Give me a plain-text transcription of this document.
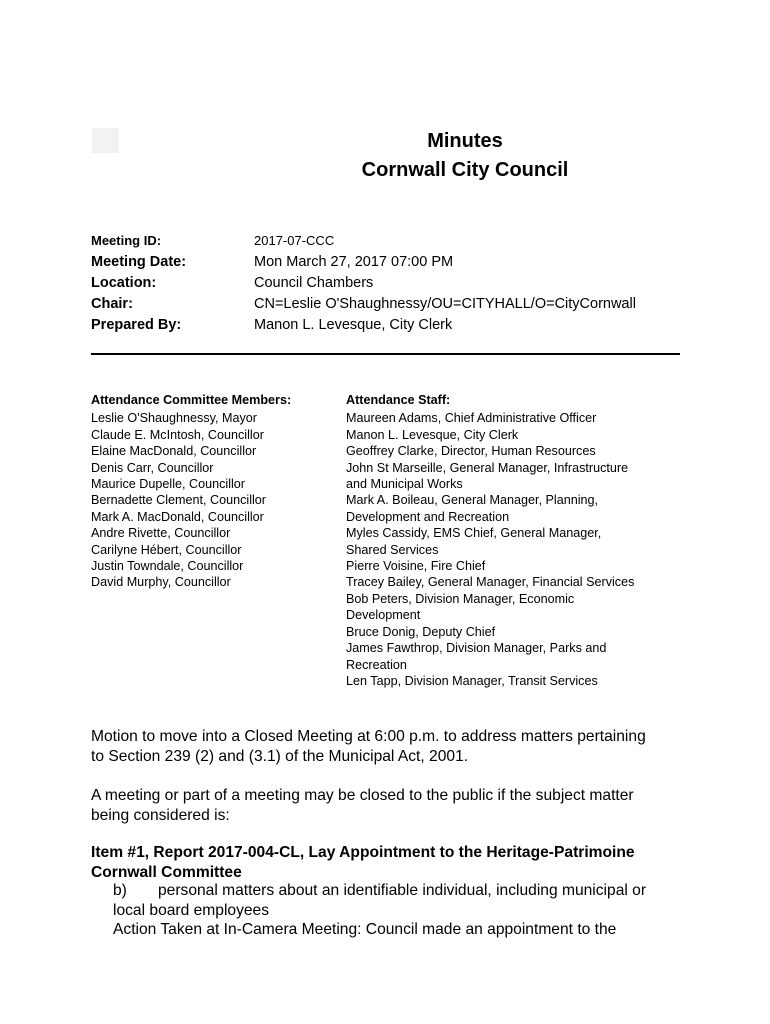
Minutes
Cornwall City Council
Meeting ID:	2017-07-CCC
Meeting Date:	Mon March 27, 2017 07:00 PM
Location:	Council Chambers
Chair:	CN=Leslie O'Shaughnessy/OU=CITYHALL/O=CityCornwall
Prepared By:	Manon L. Levesque, City Clerk
Attendance Committee Members:
Leslie O'Shaughnessy, Mayor
Claude E. McIntosh, Councillor
Elaine MacDonald, Councillor
Denis Carr, Councillor
Maurice Dupelle, Councillor
Bernadette Clement, Councillor
Mark A. MacDonald, Councillor
Andre Rivette, Councillor
Carilyne Hébert, Councillor
Justin Towndale, Councillor
David Murphy, Councillor
Attendance Staff:
Maureen Adams, Chief Administrative Officer
Manon L. Levesque, City Clerk
Geoffrey Clarke, Director, Human Resources
John St Marseille, General Manager, Infrastructure
and Municipal Works
Mark A. Boileau, General Manager, Planning,
Development and Recreation
Myles Cassidy, EMS Chief, General Manager,
Shared Services
Pierre Voisine, Fire Chief
Tracey Bailey, General Manager, Financial Services
Bob Peters, Division Manager, Economic
Development
Bruce Donig, Deputy Chief
James Fawthrop, Division Manager, Parks and
Recreation
Len Tapp, Division Manager, Transit Services
Motion to move into a Closed Meeting at 6:00 p.m. to address matters pertaining
to Section 239 (2) and (3.1) of the Municipal Act, 2001.
A meeting or part of a meeting may be closed to the public if the subject matter
being considered is:
Item #1, Report 2017-004-CL, Lay Appointment to the Heritage-Patrimoine
Cornwall Committee
b) personal matters about an identifiable individual, including municipal or
local board employees
Action Taken at In-Camera Meeting: Council made an appointment to the
